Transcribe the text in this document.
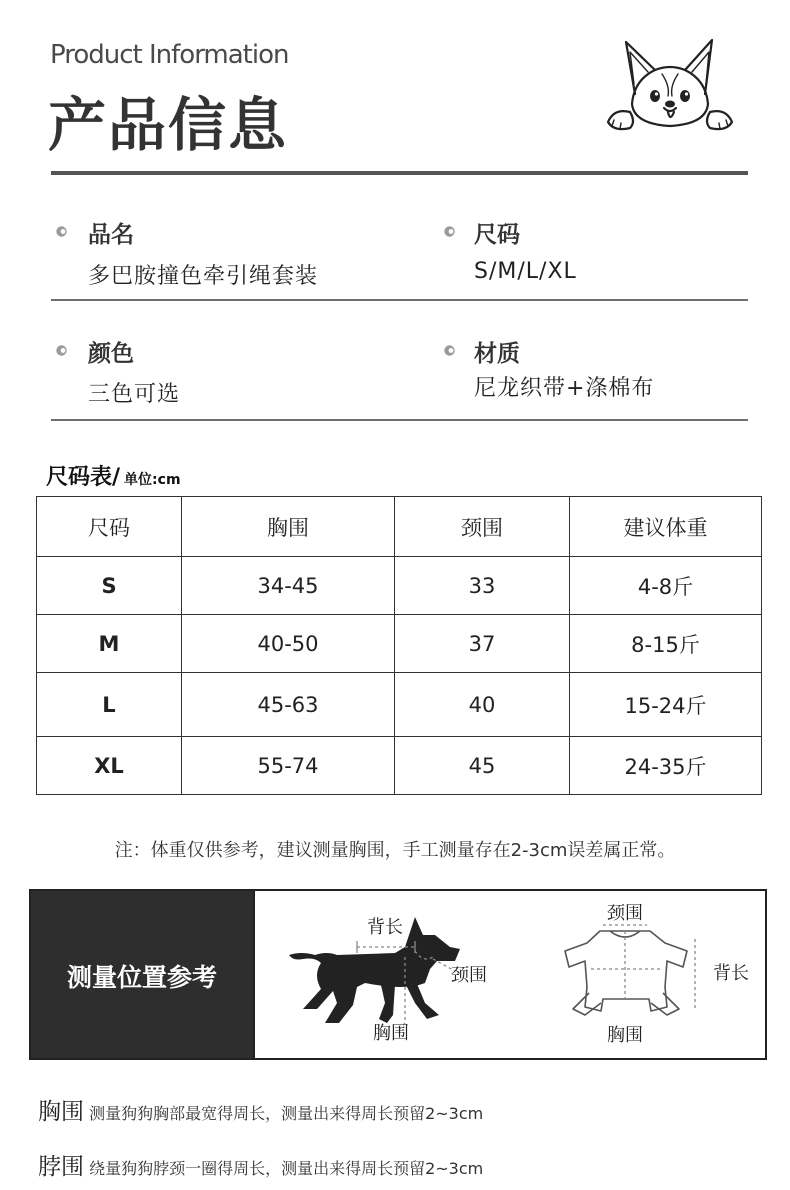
Product Information
产品信息
品名
多巴胺撞色牵引绳套装
尺码
S/M/L/XL
颜色
三色可选
材质
尼龙织带+涤棉布
尺码表/ 单位:cm
尺码	胸围	颈围	建议体重
S	34-45	33	4-8斤
M	40-50	37	8-15斤
L	45-63	40	15-24斤
XL	55-74	45	24-35斤
注：体重仅供参考，建议测量胸围，手工测量存在2-3cm误差属正常。
测量位置参考
背长
颈围
胸围
颈围
背长
胸围
胸围 测量狗狗胸部最宽得周长，测量出来得周长预留2~3cm
脖围 绕量狗狗脖颈一圈得周长，测量出来得周长预留2~3cm
